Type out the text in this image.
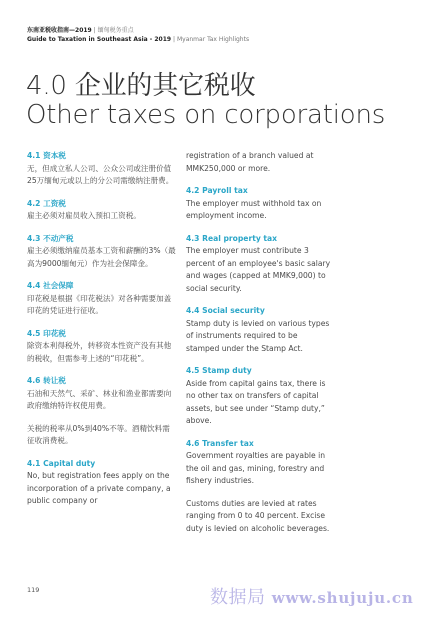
东南亚税收指南—2019 | 缅甸税务重点
Guide to Taxation in Southeast Asia - 2019 | Myanmar Tax Highlights
4.0 企业的其它税收
Other taxes on corporations

4.1 资本税

无，但成立私人公司、公众公司或注册价值25万缅甸元或以上的分公司需缴纳注册费。

4.2 工资税

雇主必须对雇员收入预扣工资税。

4.3 不动产税

雇主必须缴纳雇员基本工资和薪酬的3%（最高为9000缅甸元）作为社会保障金。

4.4 社会保障

印花税是根据《印花税法》对各种需要加盖印花的凭证进行征收。

4.5 印花税

除资本利得税外，转移资本性资产没有其他的税收，但需参考上述的“印花税”。

4.6 转让税

石油和天然气、采矿、林业和渔业都需要向政府缴纳特许权使用费。

关税的税率从0%到40%不等。酒精饮料需征收消费税。

4.1 Capital duty

No, but registration fees apply on the incorporation of a private company, a public company or

registration of a branch valued at MMK250,000 or more.

4.2 Payroll tax

The employer must withhold tax on employment income.

4.3 Real property tax

The employer must contribute 3 percent of an employee's basic salary and wages (capped at MMK9,000) to social security.

4.4 Social security

Stamp duty is levied on various types of instruments required to be stamped under the Stamp Act.

4.5 Stamp duty

Aside from capital gains tax, there is no other tax on transfers of capital assets, but see under “Stamp duty,” above.

4.6 Transfer tax

Government royalties are payable in the oil and gas, mining, forestry and fishery industries.

Customs duties are levied at rates ranging from 0 to 40 percent. Excise duty is levied on alcoholic beverages.

119	数据局 www.shujuju.cn
